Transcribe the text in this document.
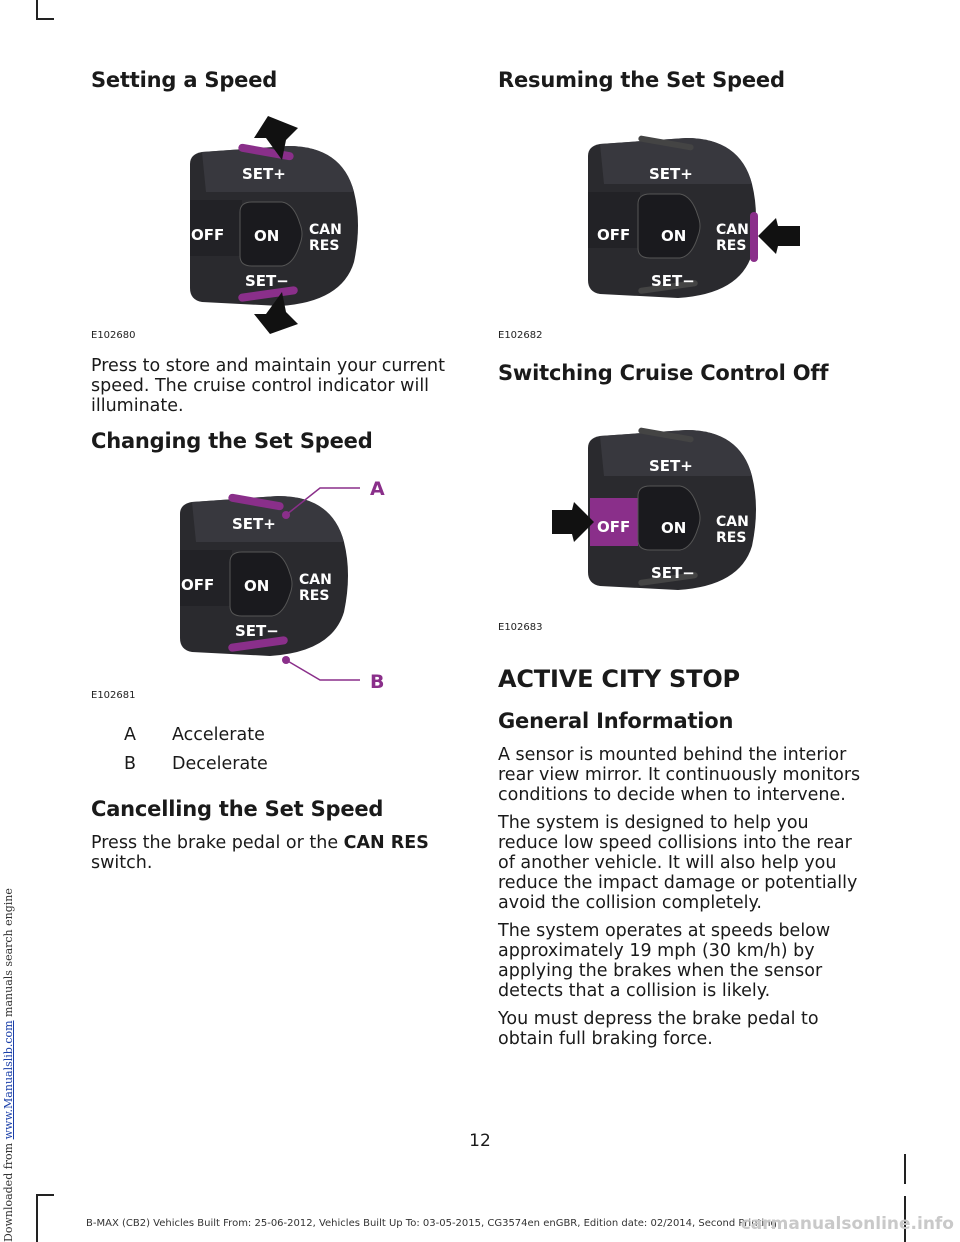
Setting a Speed
SET+
SET−
OFF ON CAN
RES
E102680

Press to store and maintain your current speed. The cruise control indicator will illuminate.

Changing the Set Speed
SET+
SET−
OFF ON CAN
RES
A
B
E102681
A Accelerate
B Decelerate
Cancelling the Set Speed

Press the brake pedal or the CAN RES
switch.

Resuming the Set Speed
SET+
SET−
OFF ON CAN
RES
E102682
Switching Cruise Control Off
SET+
SET−
OFF ON CAN
RES
E102683
ACTIVE CITY STOP
General Information

A sensor is mounted behind the interior rear view mirror. It continuously monitors conditions to decide when to intervene.

The system is designed to help you reduce low speed collisions into the rear of another vehicle. It will also help you reduce the impact damage or potentially avoid the collision completely.

The system operates at speeds below approximately 19 mph (30 km/h) by applying the brakes when the sensor detects that a collision is likely.

You must depress the brake pedal to obtain full braking force.

12
B-MAX (CB2) Vehicles Built From: 25-06-2012, Vehicles Built Up To: 03-05-2015, CG3574en enGBR, Edition date: 02/2014, Second Printing
Downloaded from www.Manualslib.com manuals search engine
carmanualsonline.info
